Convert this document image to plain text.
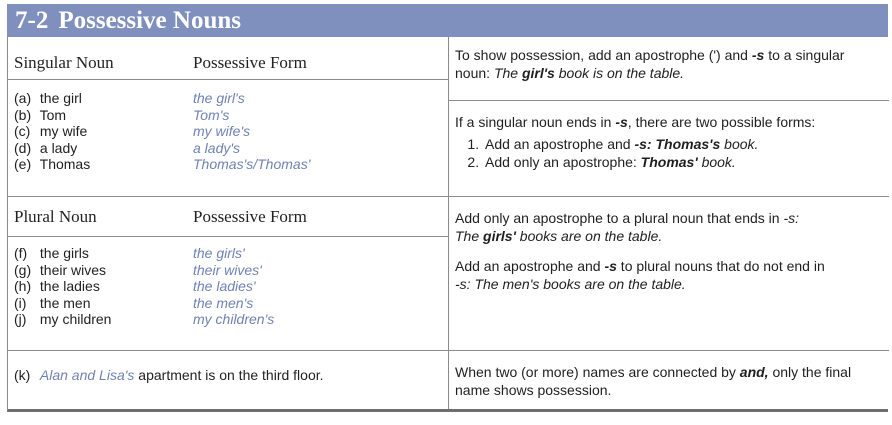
7-2 Possessive Nouns
Singular Noun	Possessive Form
(a) the girl
(b) Tom
(c) my wife
(d) a lady
(e) Thomas
the girl's
Tom's
my wife's
a lady's
Thomas's/Thomas'
Plural Noun	Possessive Form
(f) the girls
(g) their wives
(h) the ladies
(i) the men
(j) my children
the girls'
their wives'
the ladies'
the men's
my children's
(k) Alan and Lisa's apartment is on the third floor.
To show possession, add an apostrophe (') and -s to a singular noun: The girl's book is on the table.
If a singular noun ends in -s, there are two possible forms:
1. Add an apostrophe and -s: Thomas's book.
2. Add only an apostrophe: Thomas' book.
Add only an apostrophe to a plural noun that ends in -s:
The girls' books are on the table.
Add an apostrophe and -s to plural nouns that do not end in
-s: The men's books are on the table.
When two (or more) names are connected by and, only the final name shows possession.
